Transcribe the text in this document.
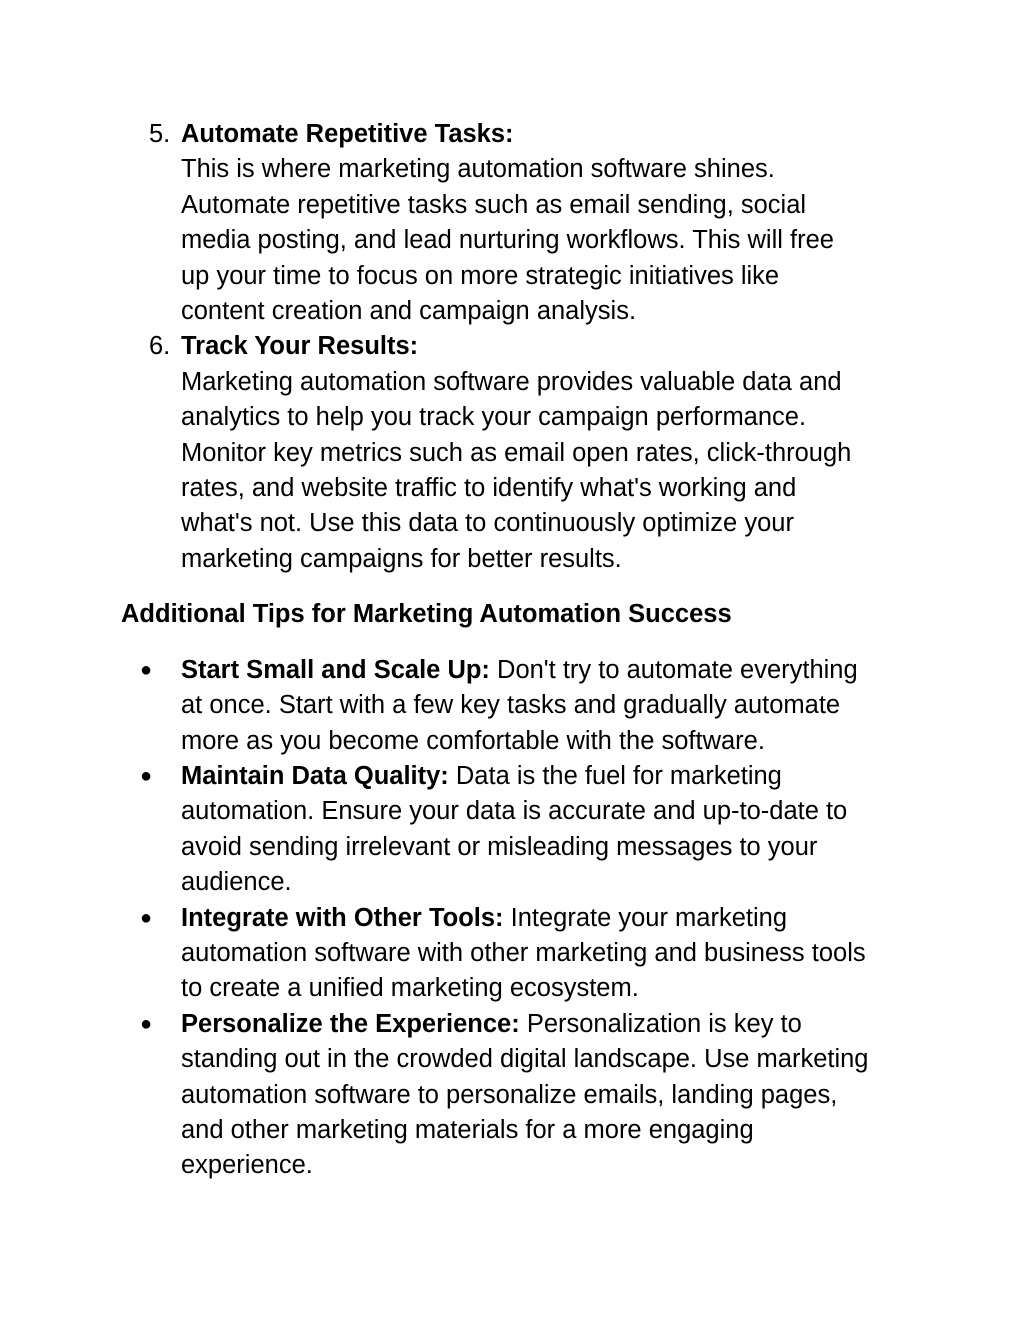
5. Automate Repetitive Tasks:
This is where marketing automation software shines.
Automate repetitive tasks such as email sending, social
media posting, and lead nurturing workflows. This will free
up your time to focus on more strategic initiatives like
content creation and campaign analysis.
6. Track Your Results:
Marketing automation software provides valuable data and
analytics to help you track your campaign performance.
Monitor key metrics such as email open rates, click-through
rates, and website traffic to identify what's working and
what's not. Use this data to continuously optimize your
marketing campaigns for better results.
Additional Tips for Marketing Automation Success
● Start Small and Scale Up: Don't try to automate everything
at once. Start with a few key tasks and gradually automate
more as you become comfortable with the software.
● Maintain Data Quality: Data is the fuel for marketing
automation. Ensure your data is accurate and up-to-date to
avoid sending irrelevant or misleading messages to your
audience.
● Integrate with Other Tools: Integrate your marketing
automation software with other marketing and business tools
to create a unified marketing ecosystem.
● Personalize the Experience: Personalization is key to
standing out in the crowded digital landscape. Use marketing
automation software to personalize emails, landing pages,
and other marketing materials for a more engaging
experience.
